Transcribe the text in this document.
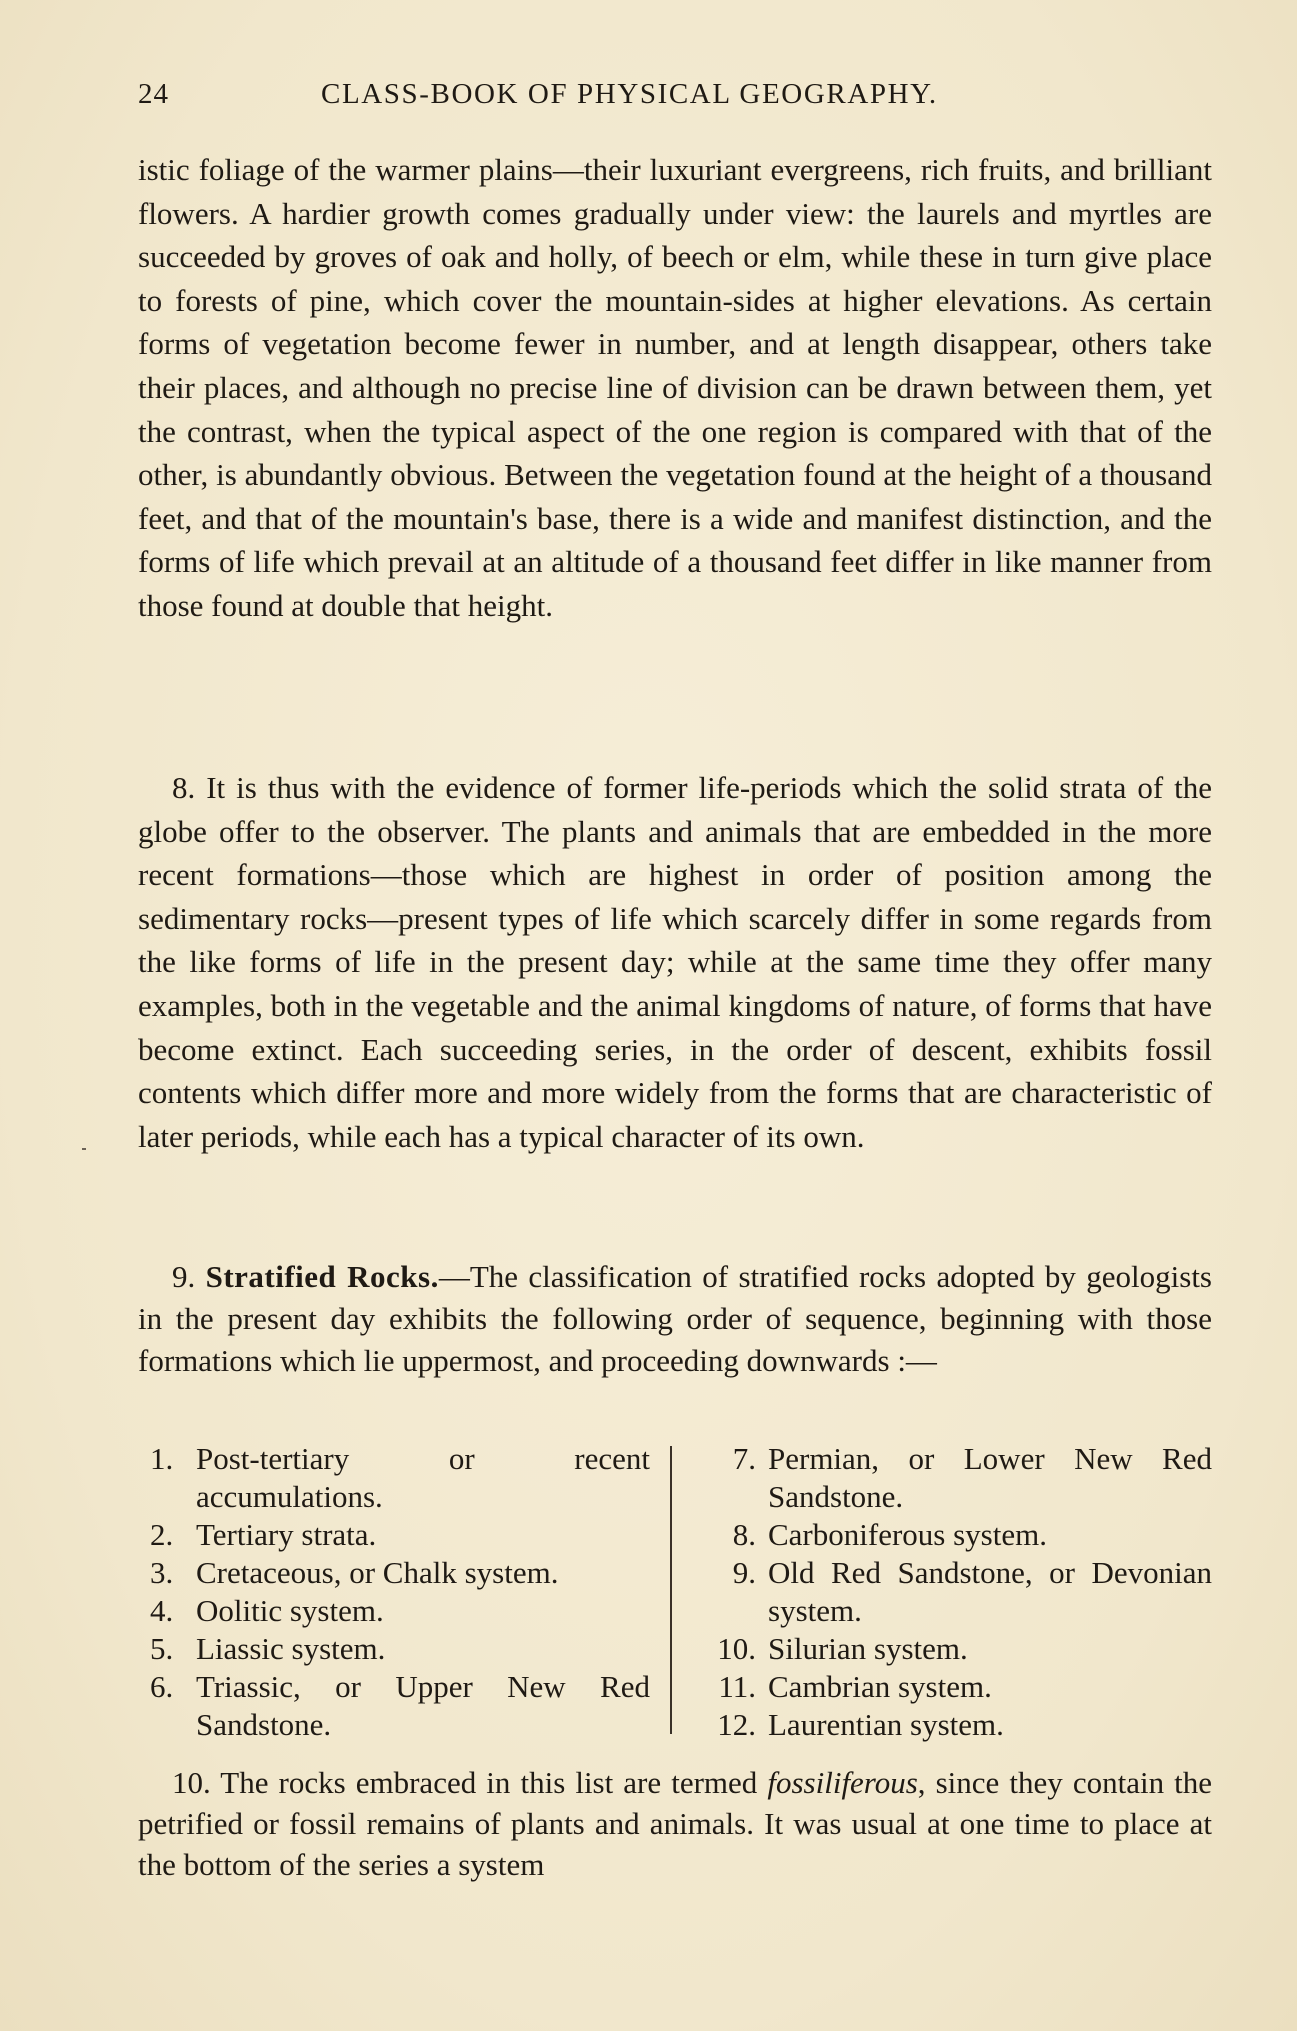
24	CLASS-BOOK OF PHYSICAL GEOGRAPHY.

istic foliage of the warmer plains—their luxuriant evergreens, rich fruits, and brilliant flowers. A hardier growth comes gradually under view: the laurels and myrtles are succeeded by groves of oak and holly, of beech or elm, while these in turn give place to forests of pine, which cover the mountain-sides at higher elevations. As certain forms of vegetation become fewer in number, and at length disappear, others take their places, and although no precise line of division can be drawn between them, yet the contrast, when the typical aspect of the one region is compared with that of the other, is abundantly obvious. Between the vegetation found at the height of a thousand feet, and that of the mountain's base, there is a wide and manifest distinction, and the forms of life which prevail at an altitude of a thousand feet differ in like manner from those found at double that height.

8. It is thus with the evidence of former life-periods which the solid strata of the globe offer to the observer. The plants and animals that are embedded in the more recent formations—those which are highest in order of position among the sedimentary rocks—present types of life which scarcely differ in some regards from the like forms of life in the present day; while at the same time they offer many examples, both in the vegetable and the animal kingdoms of nature, of forms that have become extinct. Each succeeding series, in the order of descent, exhibits fossil contents which differ more and more widely from the forms that are characteristic of later periods, while each has a typical character of its own.

9. Stratified Rocks.—The classification of stratified rocks adopted by geologists in the present day exhibits the following order of sequence, beginning with those formations which lie uppermost, and proceeding downwards :—

1. Post-tertiary or recent accumulations.
2. Tertiary strata.
3. Cretaceous, or Chalk system.
4. Oolitic system.
5. Liassic system.
6. Triassic, or Upper New Red Sandstone.
7. Permian, or Lower New Red Sandstone.
8. Carboniferous system.
9. Old Red Sandstone, or Devonian system.
10. Silurian system.
11. Cambrian system.
12. Laurentian system.

10. The rocks embraced in this list are termed fossiliferous, since they contain the petrified or fossil remains of plants and animals. It was usual at one time to place at the bottom of the series a system
